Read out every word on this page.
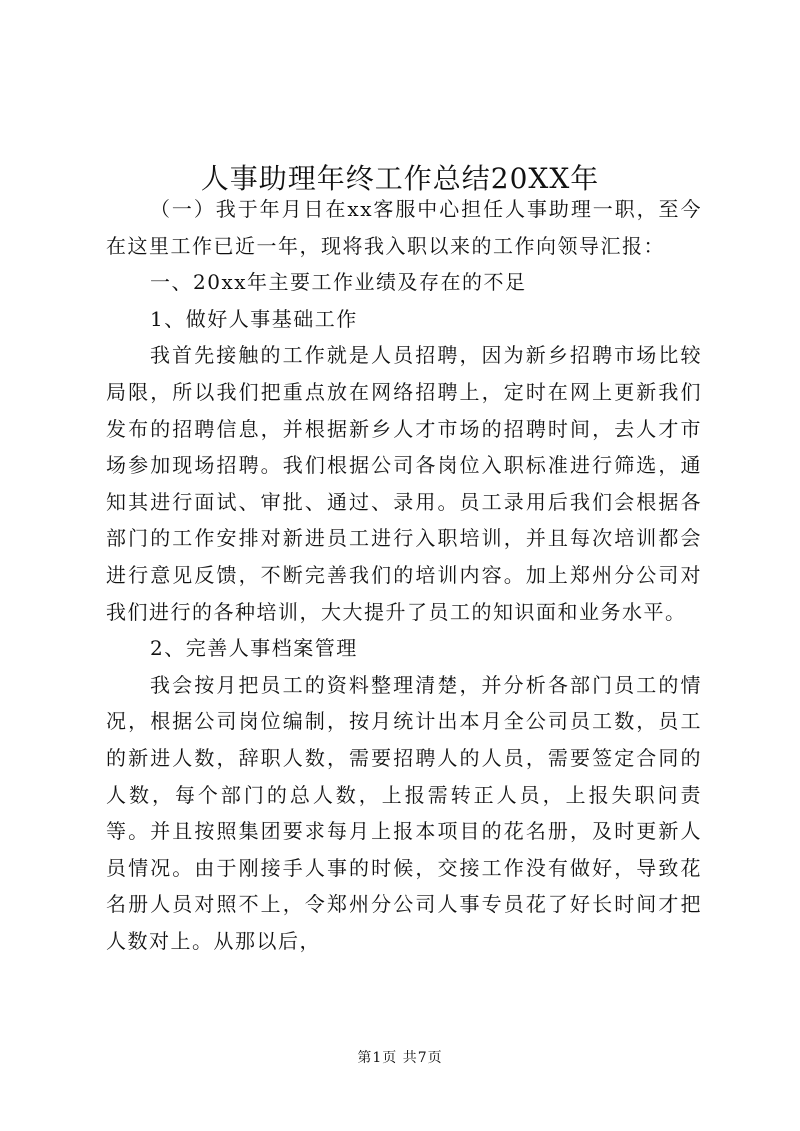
人事助理年终工作总结20XX年

（一）我于年月日在xx客服中心担任人事助理一职，至今在这里工作已近一年，现将我入职以来的工作向领导汇报：

一、20xx年主要工作业绩及存在的不足

1、做好人事基础工作

我首先接触的工作就是人员招聘，因为新乡招聘市场比较局限，所以我们把重点放在网络招聘上，定时在网上更新我们发布的招聘信息，并根据新乡人才市场的招聘时间，去人才市场参加现场招聘。我们根据公司各岗位入职标准进行筛选，通知其进行面试、审批、通过、录用。员工录用后我们会根据各部门的工作安排对新进员工进行入职培训，并且每次培训都会进行意见反馈，不断完善我们的培训内容。加上郑州分公司对我们进行的各种培训，大大提升了员工的知识面和业务水平。

2、完善人事档案管理

我会按月把员工的资料整理清楚，并分析各部门员工的情况，根据公司岗位编制，按月统计出本月全公司员工数，员工的新进人数，辞职人数，需要招聘人的人员，需要签定合同的人数，每个部门的总人数，上报需转正人员，上报失职问责等。并且按照集团要求每月上报本项目的花名册，及时更新人员情况。由于刚接手人事的时候，交接工作没有做好，导致花名册人员对照不上，令郑州分公司人事专员花了好长时间才把人数对上。从那以后，

第1页 共7页
